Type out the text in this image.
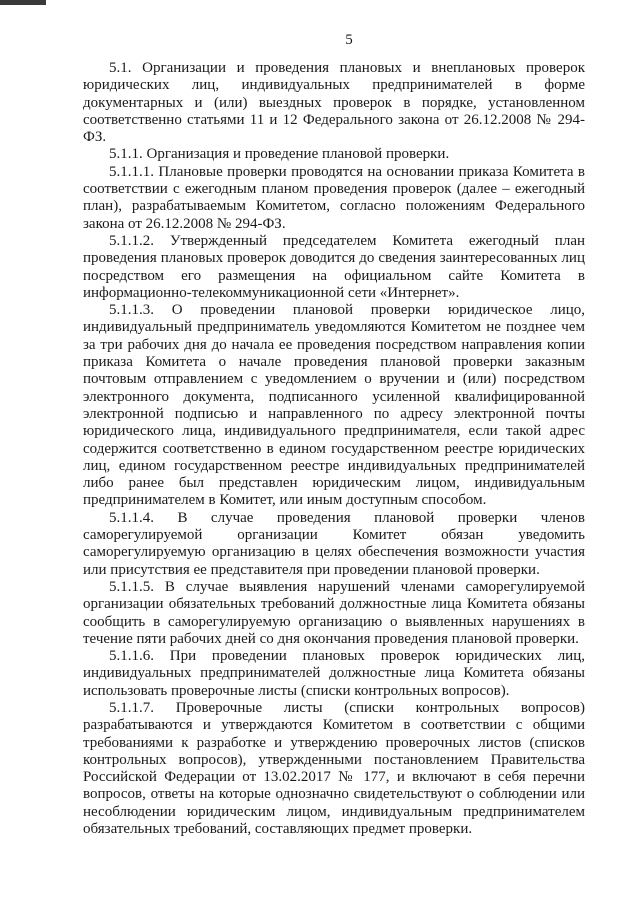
5

5.1. Организации и проведения плановых и внеплановых проверок юридических лиц, индивидуальных предпринимателей в форме документарных и (или) выездных проверок в порядке, установленном соответственно статьями 11 и 12 Федерального закона от 26.12.2008 № 294-ФЗ.

5.1.1. Организация и проведение плановой проверки.

5.1.1.1. Плановые проверки проводятся на основании приказа Комитета в соответствии с ежегодным планом проведения проверок (далее – ежегодный план), разрабатываемым Комитетом, согласно положениям Федерального закона от 26.12.2008 № 294-ФЗ.

5.1.1.2. Утвержденный председателем Комитета ежегодный план проведения плановых проверок доводится до сведения заинтересованных лиц посредством его размещения на официальном сайте Комитета в информационно-телекоммуникационной сети «Интернет».

5.1.1.3. О проведении плановой проверки юридическое лицо, индивидуальный предприниматель уведомляются Комитетом не позднее чем за три рабочих дня до начала ее проведения посредством направления копии приказа Комитета о начале проведения плановой проверки заказным почтовым отправлением с уведомлением о вручении и (или) посредством электронного документа, подписанного усиленной квалифицированной электронной подписью и направленного по адресу электронной почты юридического лица, индивидуального предпринимателя, если такой адрес содержится соответственно в едином государственном реестре юридических лиц, едином государственном реестре индивидуальных предпринимателей либо ранее был представлен юридическим лицом, индивидуальным предпринимателем в Комитет, или иным доступным способом.

5.1.1.4. В случае проведения плановой проверки членов саморегулируемой организации Комитет обязан уведомить саморегулируемую организацию в целях обеспечения возможности участия или присутствия ее представителя при проведении плановой проверки.

5.1.1.5. В случае выявления нарушений членами саморегулируемой организации обязательных требований должностные лица Комитета обязаны сообщить в саморегулируемую организацию о выявленных нарушениях в течение пяти рабочих дней со дня окончания проведения плановой проверки.

5.1.1.6. При проведении плановых проверок юридических лиц, индивидуальных предпринимателей должностные лица Комитета обязаны использовать проверочные листы (списки контрольных вопросов).

5.1.1.7. Проверочные листы (списки контрольных вопросов) разрабатываются и утверждаются Комитетом в соответствии с общими требованиями к разработке и утверждению проверочных листов (списков контрольных вопросов), утвержденными постановлением Правительства Российской Федерации от 13.02.2017 № 177, и включают в себя перечни вопросов, ответы на которые однозначно свидетельствуют о соблюдении или несоблюдении юридическим лицом, индивидуальным предпринимателем обязательных требований, составляющих предмет проверки.
